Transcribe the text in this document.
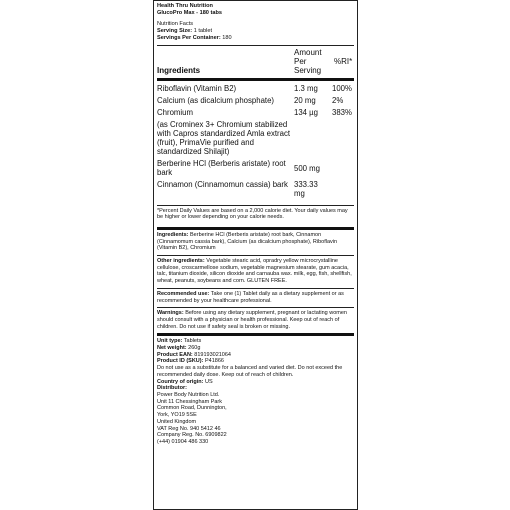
Health Thru Nutrition
GlucoPro Max - 180 tabs
Nutrition Facts
Serving Size: 1 tablet
Servings Per Container: 180
Ingredients
Amount Per Serving
%RI*
Riboflavin (Vitamin B2)	1.3 mg	100%
Calcium (as dicalcium phosphate)	20 mg	2%
Chromium	134 µg	383%
(as Crominex 3+ Chromium stabilized with Capros standardized Amla extract (fruit), PrimaVie purified and standardized Shilajit)
Berberine HCl (Berberis aristate) root bark	500 mg
Cinnamon (Cinnamomun cassia) bark 333.33 mg
*Percent Daily Values are based on a 2,000 calorie diet. Your daily values may be higher or lower depending on your calorie needs.
Ingredients: Berberine HCl (Berberis aristate) root bark, Cinnamon (Cinnamomum cassia bark), Calcium (as dicalcium phosphate), Riboflavin (Vitamin B2), Chromium
Other ingredients: Vegetable stearic acid, opradry yellow microcrystalline cellulose, croscarmellose sodium, vegetable magnesium stearate, gum acacia, talc, titanium dioxide, silicon dioxide and carnauba wax. milk, egg, fish, shellfish, wheat, peanuts, soybeans and corn. GLUTEN FREE.
Recommended use: Take one (1) Tablet daily as a dietary supplement or as recommended by your healthcare professional.
Warnings: Before using any dietary supplement, pregnant or lactating women should consult with a physician or health professional. Keep out of reach of children. Do not use if safety seal is broken or missing.
Unit type: Tablets
Net weight: 260g
Product EAN: 819193021064
Product ID (SKU): P41866
Do not use as a substitute for a balanced and varied diet. Do not exceed the recommended daily dose. Keep out of reach of children.
Country of origin: US
Distributor:
Power Body Nutrition Ltd.
Unit 11 Chessingham Park
Common Road, Dunnington,
York, YO19 5SE
United Kingdom
VAT Reg No. 940 5412 46
Company Reg. No. 6909822
(+44) 01904 486 330
